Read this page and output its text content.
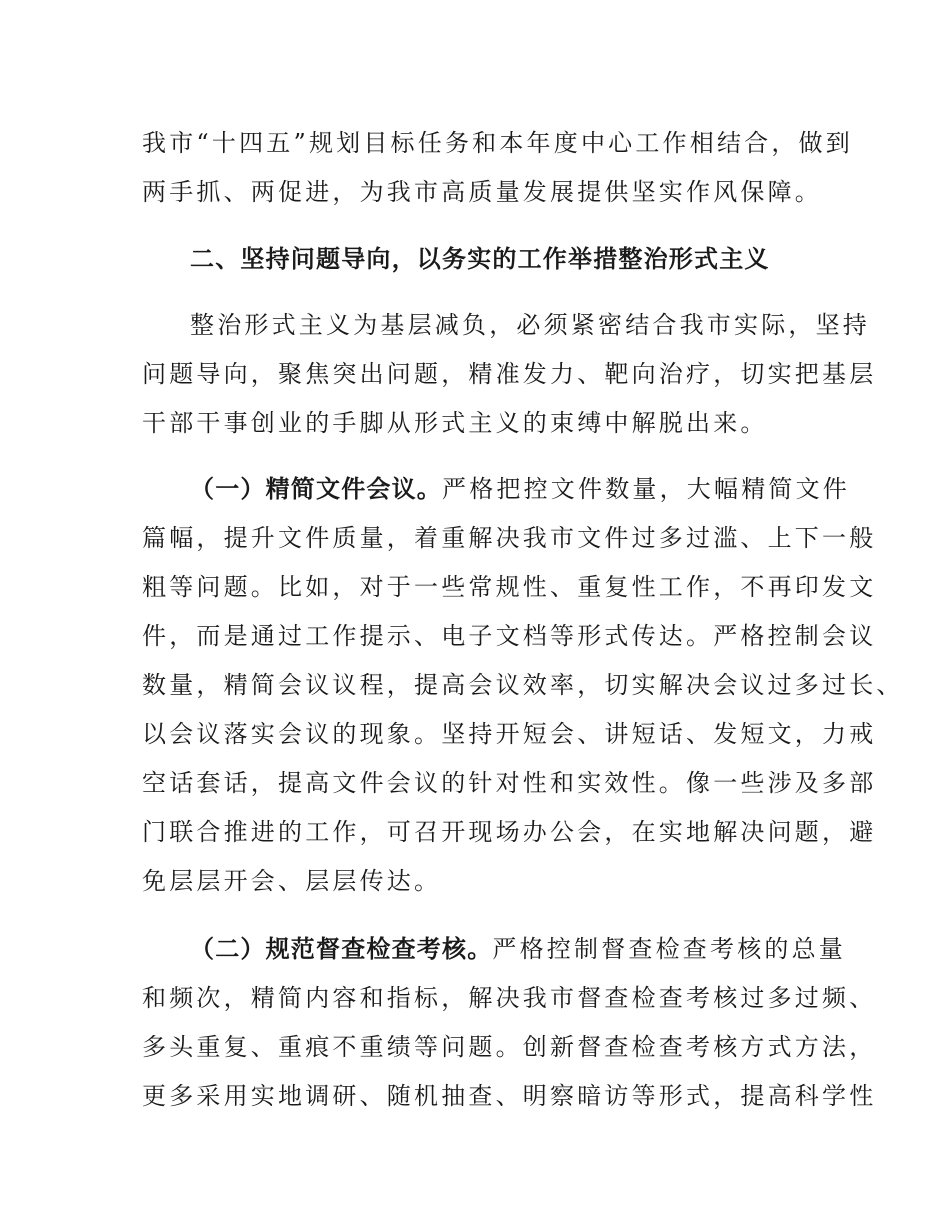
我市“十四五”规划目标任务和本年度中心工作相结合，做到
两手抓、两促进，为我市高质量发展提供坚实作风保障。
二、坚持问题导向，以务实的工作举措整治形式主义
整治形式主义为基层减负，必须紧密结合我市实际，坚持
问题导向，聚焦突出问题，精准发力、靶向治疗，切实把基层
干部干事创业的手脚从形式主义的束缚中解脱出来。
（一）精简文件会议。严格把控文件数量，大幅精简文件
篇幅，提升文件质量，着重解决我市文件过多过滥、上下一般
粗等问题。比如，对于一些常规性、重复性工作，不再印发文
件，而是通过工作提示、电子文档等形式传达。严格控制会议
数量，精简会议议程，提高会议效率，切实解决会议过多过长、
以会议落实会议的现象。坚持开短会、讲短话、发短文，力戒
空话套话，提高文件会议的针对性和实效性。像一些涉及多部
门联合推进的工作，可召开现场办公会，在实地解决问题，避
免层层开会、层层传达。
（二）规范督查检查考核。严格控制督查检查考核的总量
和频次，精简内容和指标，解决我市督查检查考核过多过频、
多头重复、重痕不重绩等问题。创新督查检查考核方式方法，
更多采用实地调研、随机抽查、明察暗访等形式，提高科学性
